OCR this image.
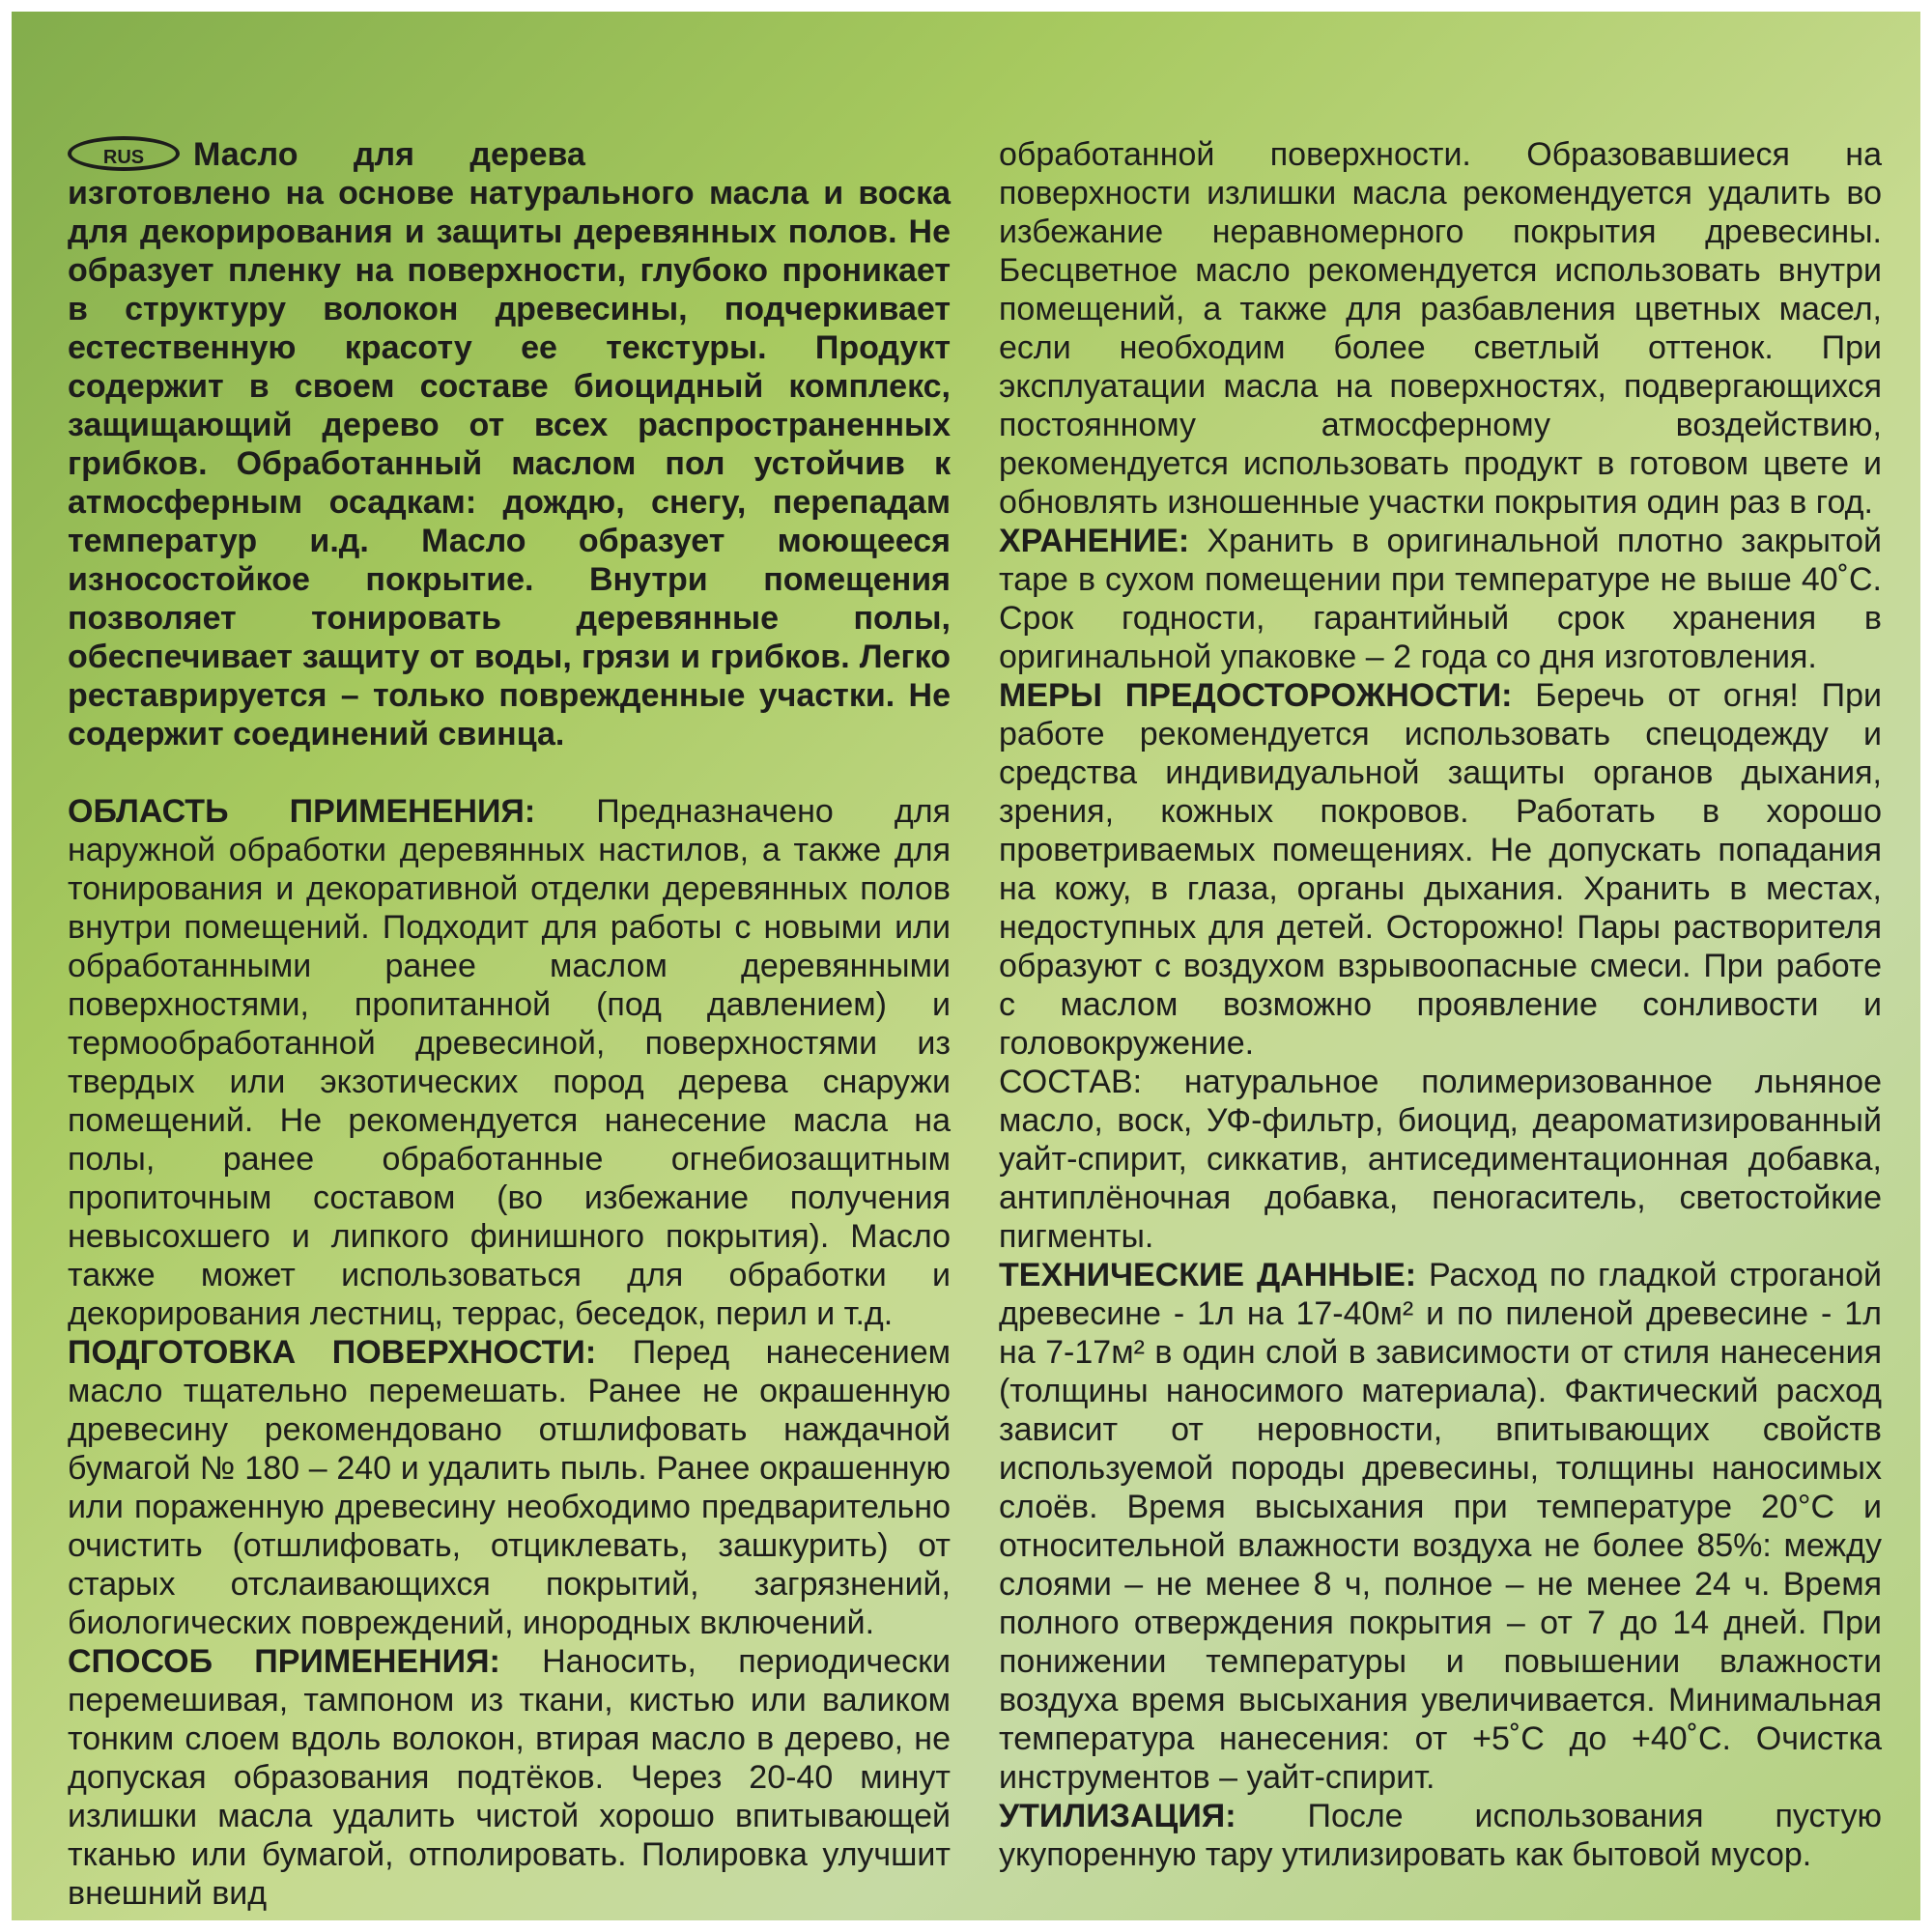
RUS Масло для дерева
изготовлено на основе натурального масла и воска для декорирования и защиты деревянных полов. Не образует пленку на поверхности, глубоко проникает в структуру волокон древесины, подчеркивает естественную красоту ее текстуры. Продукт содержит в своем составе биоцидный комплекс, защищающий дерево от всех распространенных грибков. Обработанный маслом пол устойчив к атмосферным осадкам: дождю, снегу, перепадам температур и.д. Масло образует моющееся износостойкое покрытие. Внутри помещения позволяет тонировать деревянные полы, обеспечивает защиту от воды, грязи и грибков. Легко реставрируется – только поврежденные участки. Не содержит соединений свинца.

ОБЛАСТЬ ПРИМЕНЕНИЯ: Предназначено для наружной обработки деревянных настилов, а также для тонирования и декоративной отделки деревянных полов внутри помещений. Подходит для работы с новыми или обработанными ранее маслом деревянными поверхностями, пропитанной (под давлением) и термообработанной древесиной, поверхностями из твердых или экзотических пород дерева снаружи помещений. Не рекомендуется нанесение масла на полы, ранее обработанные огнебиозащитным пропиточным составом (во избежание получения невысохшего и липкого финишного покрытия). Масло также может использоваться для обработки и декорирования лестниц, террас, беседок, перил и т.д.

ПОДГОТОВКА ПОВЕРХНОСТИ: Перед нанесением масло тщательно перемешать. Ранее не окрашенную древесину рекомендовано отшлифовать наждачной бумагой № 180 – 240 и удалить пыль. Ранее окрашенную или пораженную древесину необходимо предварительно очистить (отшлифовать, отциклевать, зашкурить) от старых отслаивающихся покрытий, загрязнений, биологических повреждений, инородных включений.

СПОСОБ ПРИМЕНЕНИЯ: Наносить, периодически перемешивая, тампоном из ткани, кистью или валиком тонким слоем вдоль волокон, втирая масло в дерево, не допуская образования подтёков. Через 20-40 минут излишки масла удалить чистой хорошо впитывающей тканью или бумагой, отполировать. Полировка улучшит внешний вид

обработанной поверхности. Образовавшиеся на поверхности излишки масла рекомендуется удалить во избежание неравномерного покрытия древесины. Бесцветное масло рекомендуется использовать внутри помещений, а также для разбавления цветных масел, если необходим более светлый оттенок. При эксплуатации масла на поверхностях, подвергающихся постоянному атмосферному воздействию, рекомендуется использовать продукт в готовом цвете и обновлять изношенные участки покрытия один раз в год.

ХРАНЕНИЕ: Хранить в оригинальной плотно закрытой таре в сухом помещении при температуре не выше 40˚С. Срок годности, гарантийный срок хранения в оригинальной упаковке – 2 года со дня изготовления.

МЕРЫ ПРЕДОСТОРОЖНОСТИ: Беречь от огня! При работе рекомендуется использовать спецодежду и средства индивидуальной защиты органов дыхания, зрения, кожных покровов. Работать в хорошо проветриваемых помещениях. Не допускать попадания на кожу, в глаза, органы дыхания. Хранить в местах, недоступных для детей. Осторожно! Пары растворителя образуют с воздухом взрывоопасные смеси. При работе с маслом возможно проявление сонливости и головокружение.

СОСТАВ: натуральное полимеризованное льняное масло, воск, УФ-фильтр, биоцид, деароматизированный уайт-спирит, сиккатив, антиседиментационная добавка, антиплёночная добавка, пеногаситель, светостойкие пигменты.

ТЕХНИЧЕСКИЕ ДАННЫЕ: Расход по гладкой строганой древесине - 1л на 17-40м² и по пиленой древесине - 1л на 7-17м² в один слой в зависимости от стиля нанесения (толщины наносимого материала). Фактический расход зависит от неровности, впитывающих свойств используемой породы древесины, толщины наносимых слоёв. Время высыхания при температуре 20°С и относительной влажности воздуха не более 85%: между слоями – не менее 8 ч, полное – не менее 24 ч. Время полного отверждения покрытия – от 7 до 14 дней. При понижении температуры и повышении влажности воздуха время высыхания увеличивается. Минимальная температура нанесения: от +5˚С до +40˚С. Очистка инструментов – уайт-спирит.

УТИЛИЗАЦИЯ: После использования пустую укупоренную тару утилизировать как бытовой мусор.
